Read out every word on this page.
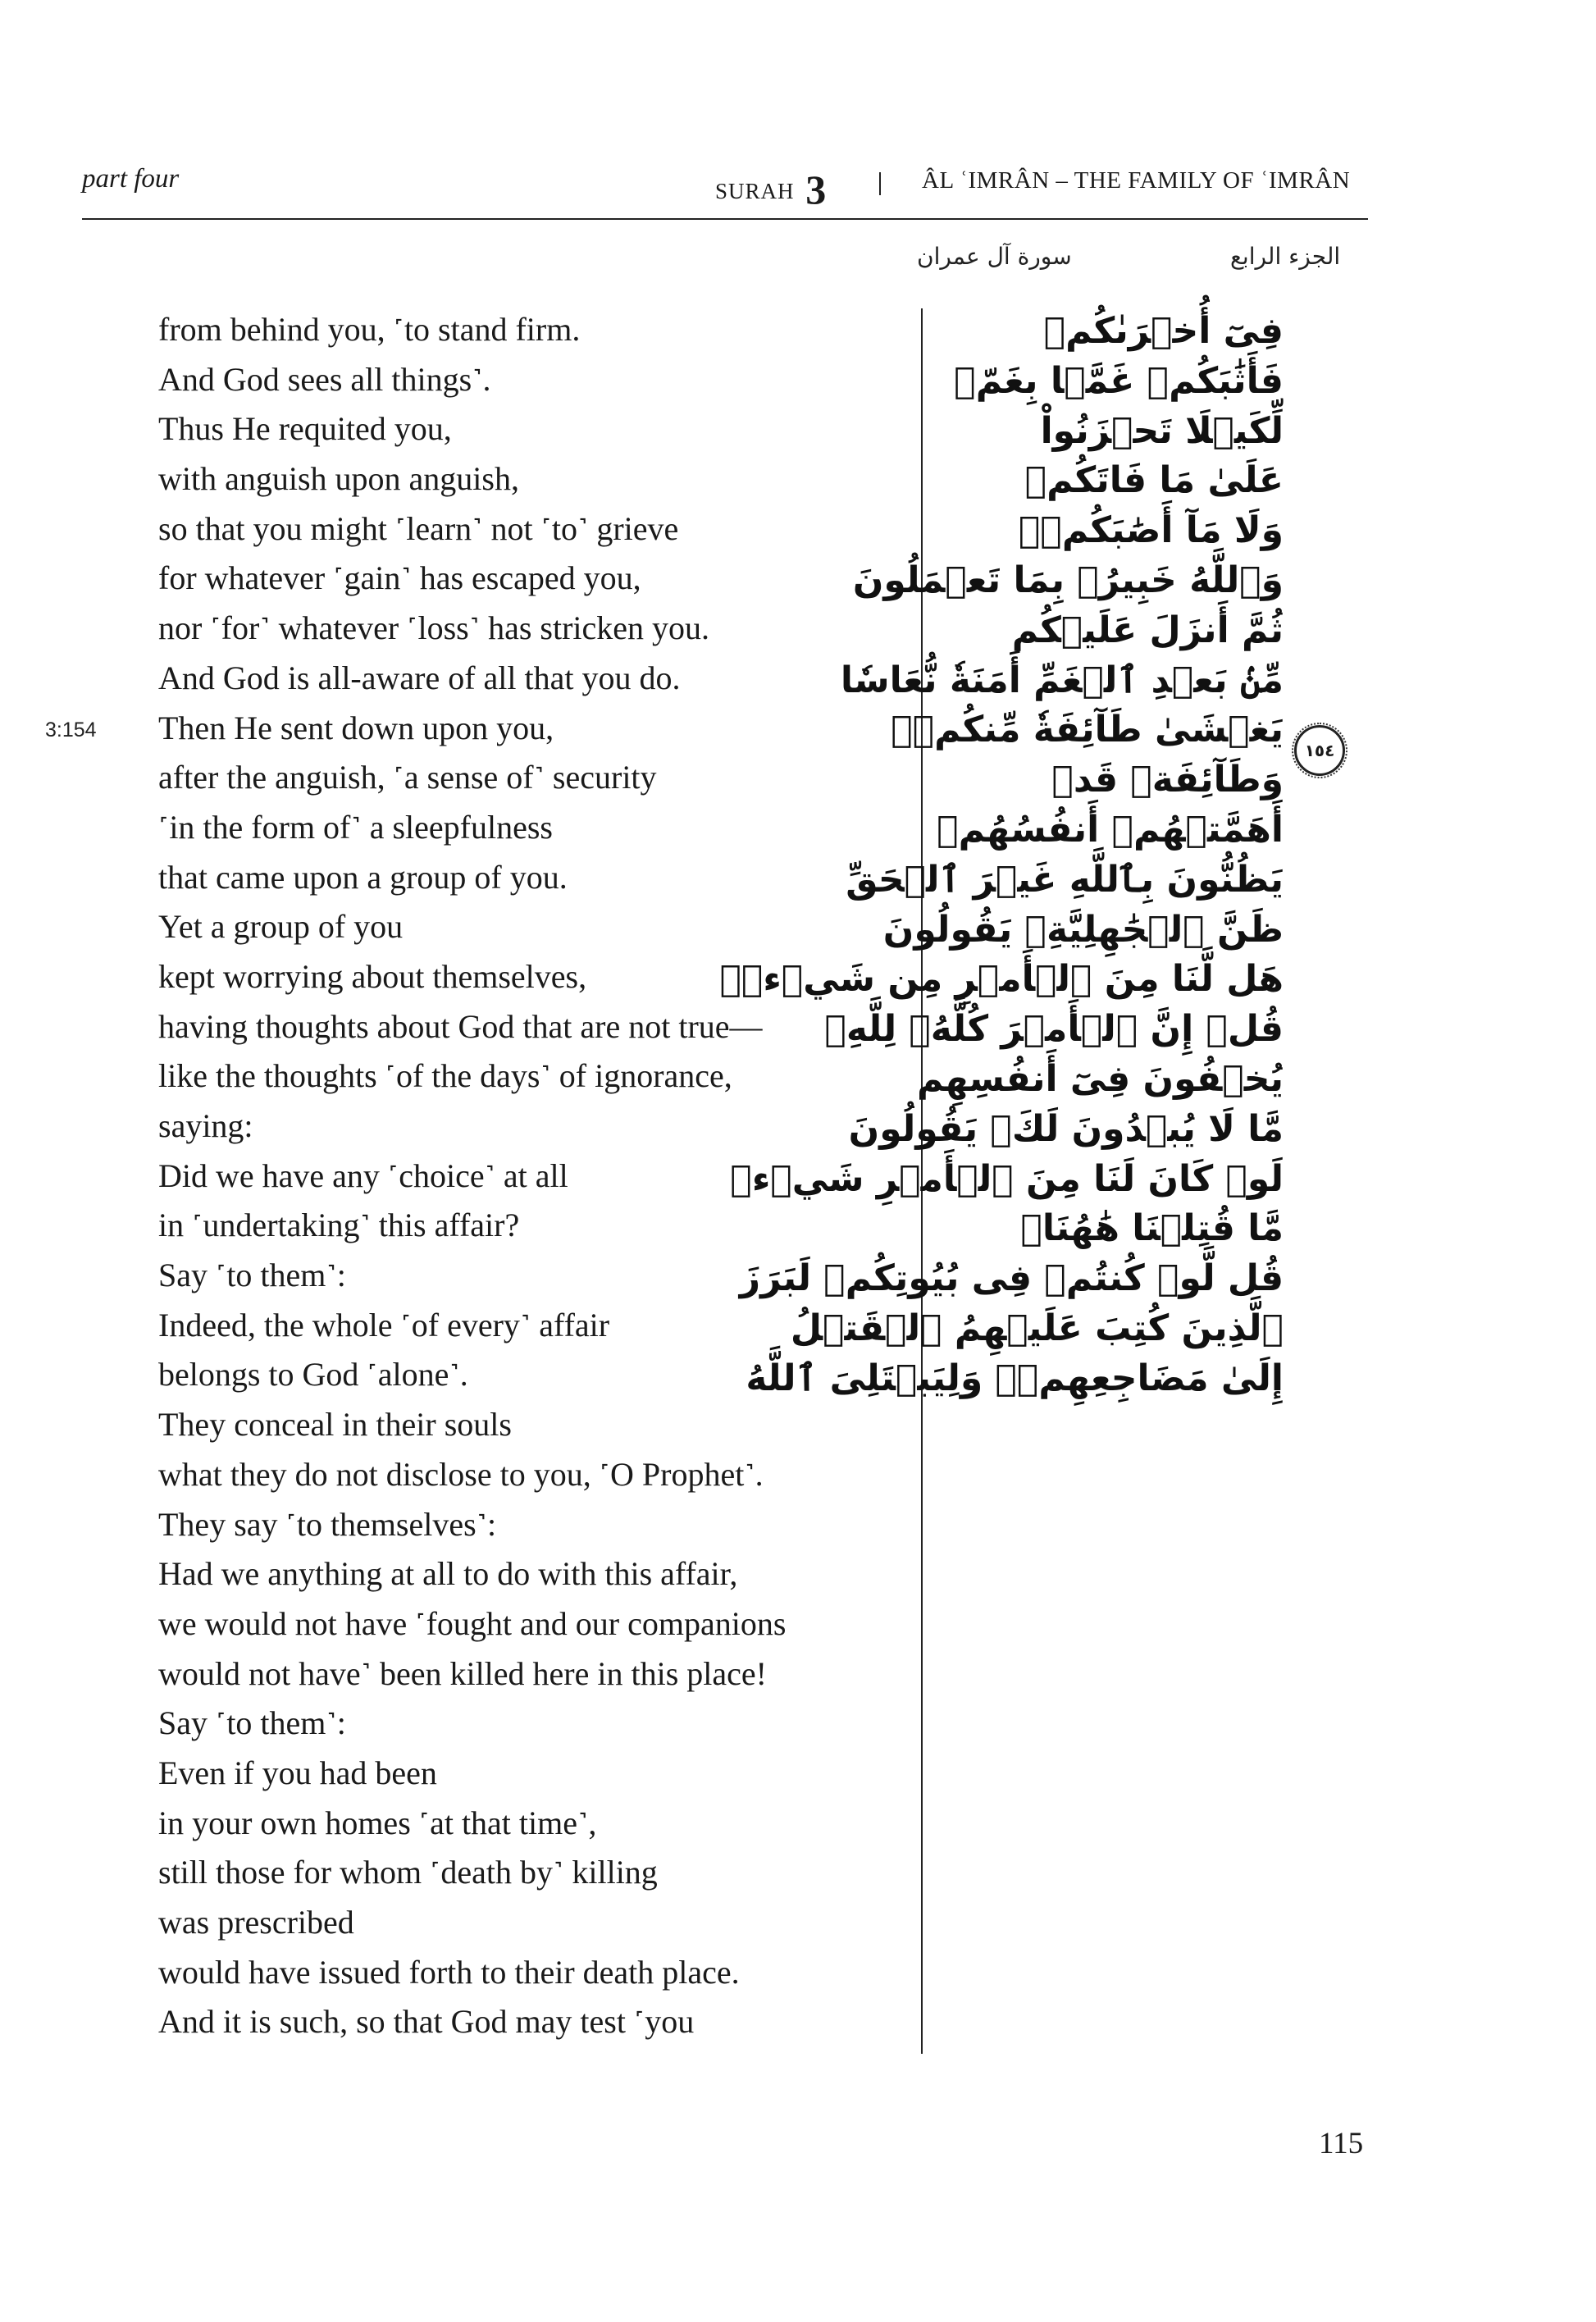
part four	SURAH 3	ÂL ʿIMRÂN – THE FAMILY OF ʿIMRÂN
سورة آل عمران	الجزء الرابع
3:154
from behind you, ˹to stand firm.
And God sees all things˺.
Thus He requited you,
with anguish upon anguish,
so that you might ˹learn˺ not ˹to˺ grieve
for whatever ˹gain˺ has escaped you,
nor ˹for˺ whatever ˹loss˺ has stricken you.
And God is all-aware of all that you do.
Then He sent down upon you,
after the anguish, ˹a sense of˺ security
˹in the form of˺ a sleepfulness
that came upon a group of you.
Yet a group of you
kept worrying about themselves,
having thoughts about God that are not true—
like the thoughts ˹of the days˺ of ignorance,
saying:
Did we have any ˹choice˺ at all
in ˹undertaking˺ this affair?
Say ˹to them˺:
Indeed, the whole ˹of every˺ affair
belongs to God ˹alone˺.
They conceal in their souls
what they do not disclose to you, ˹O Prophet˺.
They say ˹to themselves˺:
Had we anything at all to do with this affair,
we would not have ˹fought and our companions
would not have˺ been killed here in this place!
Say ˹to them˺:
Even if you had been
in your own homes ˹at that time˺,
still those for whom ˹death by˺ killing
was prescribed
would have issued forth to their death place.
And it is such, so that God may test ˹you
فِىٓ أُخۡرَىٰكُمۡ
فَأَثَٰبَكُمۡ غَمَّۢا بِغَمّٖ
لِّكَيۡلَا تَحۡزَنُواْ
عَلَىٰ مَا فَاتَكُمۡ
وَلَا مَآ أَصَٰبَكُمۡۗ
وَٱللَّهُ خَبِيرُۢ بِمَا تَعۡمَلُونَ
ثُمَّ أَنزَلَ عَلَيۡكُم
مِّنۢ بَعۡدِ ٱلۡغَمِّ أَمَنَةٗ نُّعَاسٗا
يَغۡشَىٰ طَآئِفَةٗ مِّنكُمۡۖ
وَطَآئِفَةٞ قَدۡ
أَهَمَّتۡهُمۡ أَنفُسُهُمۡ
يَظُنُّونَ بِٱللَّهِ غَيۡرَ ٱلۡحَقِّ
ظَنَّ ٱلۡجَٰهِلِيَّةِۖ يَقُولُونَ
هَل لَّنَا مِنَ ٱلۡأَمۡرِ مِن شَيۡءٖۗ
قُلۡ إِنَّ ٱلۡأَمۡرَ كُلَّهُۥ لِلَّهِۗ
يُخۡفُونَ فِىٓ أَنفُسِهِم
مَّا لَا يُبۡدُونَ لَكَۖ يَقُولُونَ
لَوۡ كَانَ لَنَا مِنَ ٱلۡأَمۡرِ شَيۡءٞ
مَّا قُتِلۡنَا هَٰهُنَاۗ
قُل لَّوۡ كُنتُمۡ فِى بُيُوتِكُمۡ لَبَرَزَ
ٱلَّذِينَ كُتِبَ عَلَيۡهِمُ ٱلۡقَتۡلُ
إِلَىٰ مَضَاجِعِهِمۡۖ وَلِيَبۡتَلِىَ ٱللَّهُ
١٥٤
115
